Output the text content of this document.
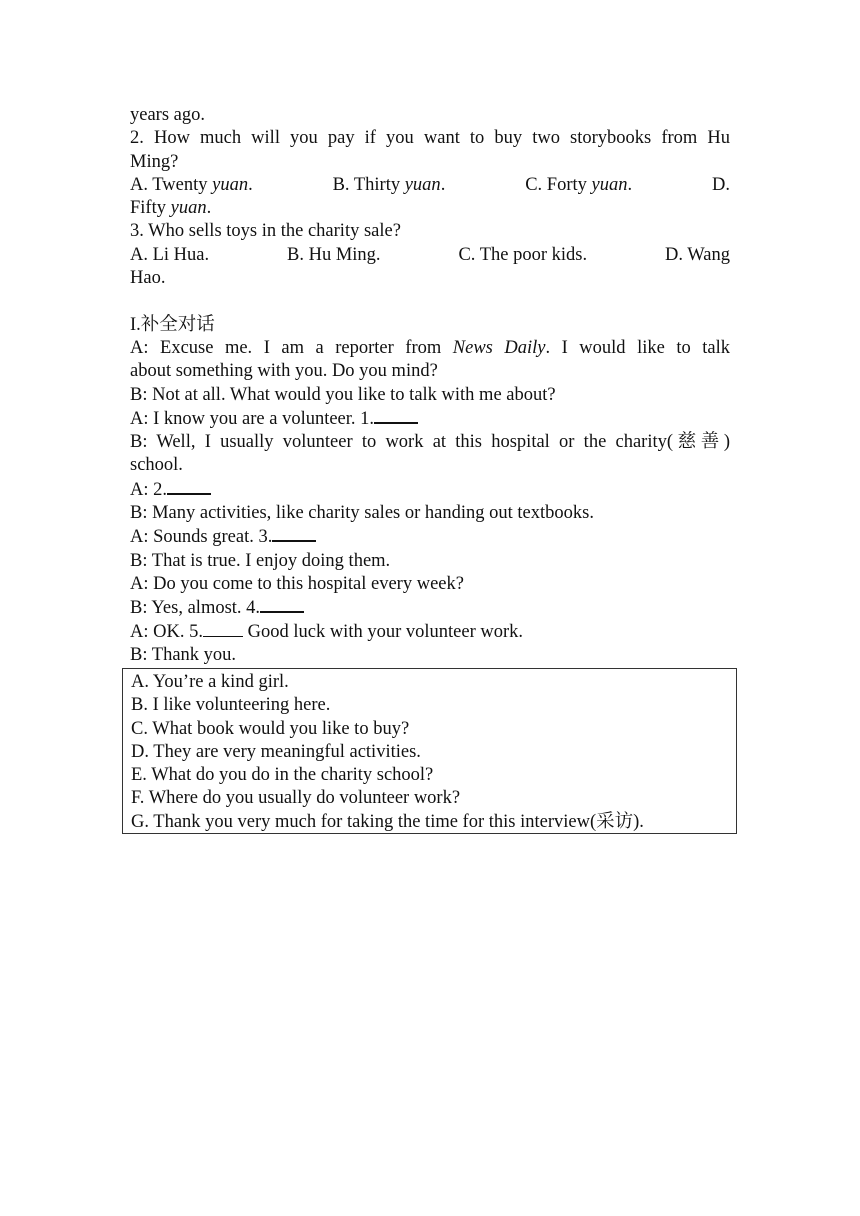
years ago.
2. How much will you pay if you want to buy two storybooks from Hu
Ming?
A. Twenty yuan.	B. Thirty yuan.	C. Forty yuan.	D.
Fifty yuan.
3. Who sells toys in the charity sale?
A. Li Hua.	B. Hu Ming.	C. The poor kids.	D. Wang
Hao.
I.补全对话
A: Excuse me. I am a reporter from News Daily. I would like to talk
about something with you. Do you mind?
B: Not at all. What would you like to talk with me about?
A: I know you are a volunteer. 1.
B: Well, I usually volunteer to work at this hospital or the charity(慈善)
school.
A: 2.
B: Many activities, like charity sales or handing out textbooks.
A: Sounds great. 3.
B: That is true. I enjoy doing them.
A: Do you come to this hospital every week?
B: Yes, almost. 4.
A: OK. 5. Good luck with your volunteer work.
B: Thank you.
A. You’re a kind girl.
B. I like volunteering here.
C. What book would you like to buy?
D. They are very meaningful activities.
E. What do you do in the charity school?
F. Where do you usually do volunteer work?
G. Thank you very much for taking the time for this interview(采访).
